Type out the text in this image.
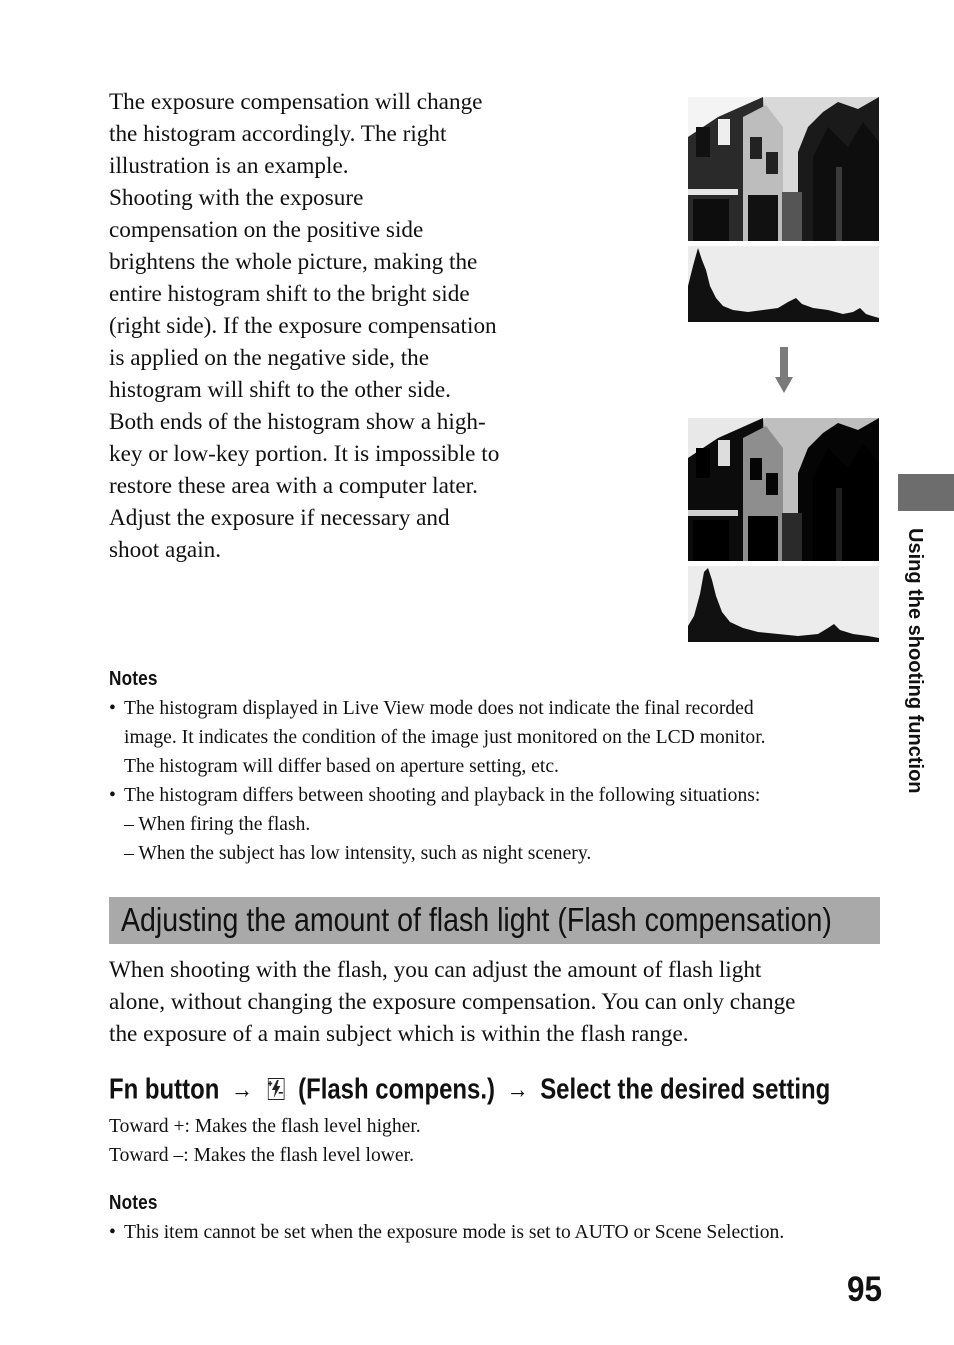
The exposure compensation will change

the histogram accordingly. The right

illustration is an example.

Shooting with the exposure

compensation on the positive side

brightens the whole picture, making the

entire histogram shift to the bright side

(right side). If the exposure compensation

is applied on the negative side, the

histogram will shift to the other side.

Both ends of the histogram show a high-

key or low-key portion. It is impossible to

restore these area with a computer later.

Adjust the exposure if necessary and

shoot again.

Notes
• The histogram displayed in Live View mode does not indicate the final recorded
image. It indicates the condition of the image just monitored on the LCD monitor.
The histogram will differ based on aperture setting, etc.
• The histogram differs between shooting and playback in the following situations:
– When firing the flash.
– When the subject has low intensity, such as night scenery.
Adjusting the amount of flash light (Flash compensation)
When shooting with the flash, you can adjust the amount of flash light
alone, without changing the exposure compensation. You can only change
the exposure of a main subject which is within the flash range.
Fn button → (Flash compens.) → Select the desired setting
Toward +: Makes the flash level higher.
Toward –: Makes the flash level lower.
Notes
• This item cannot be set when the exposure mode is set to AUTO or Scene Selection.
Using the shooting function
95
